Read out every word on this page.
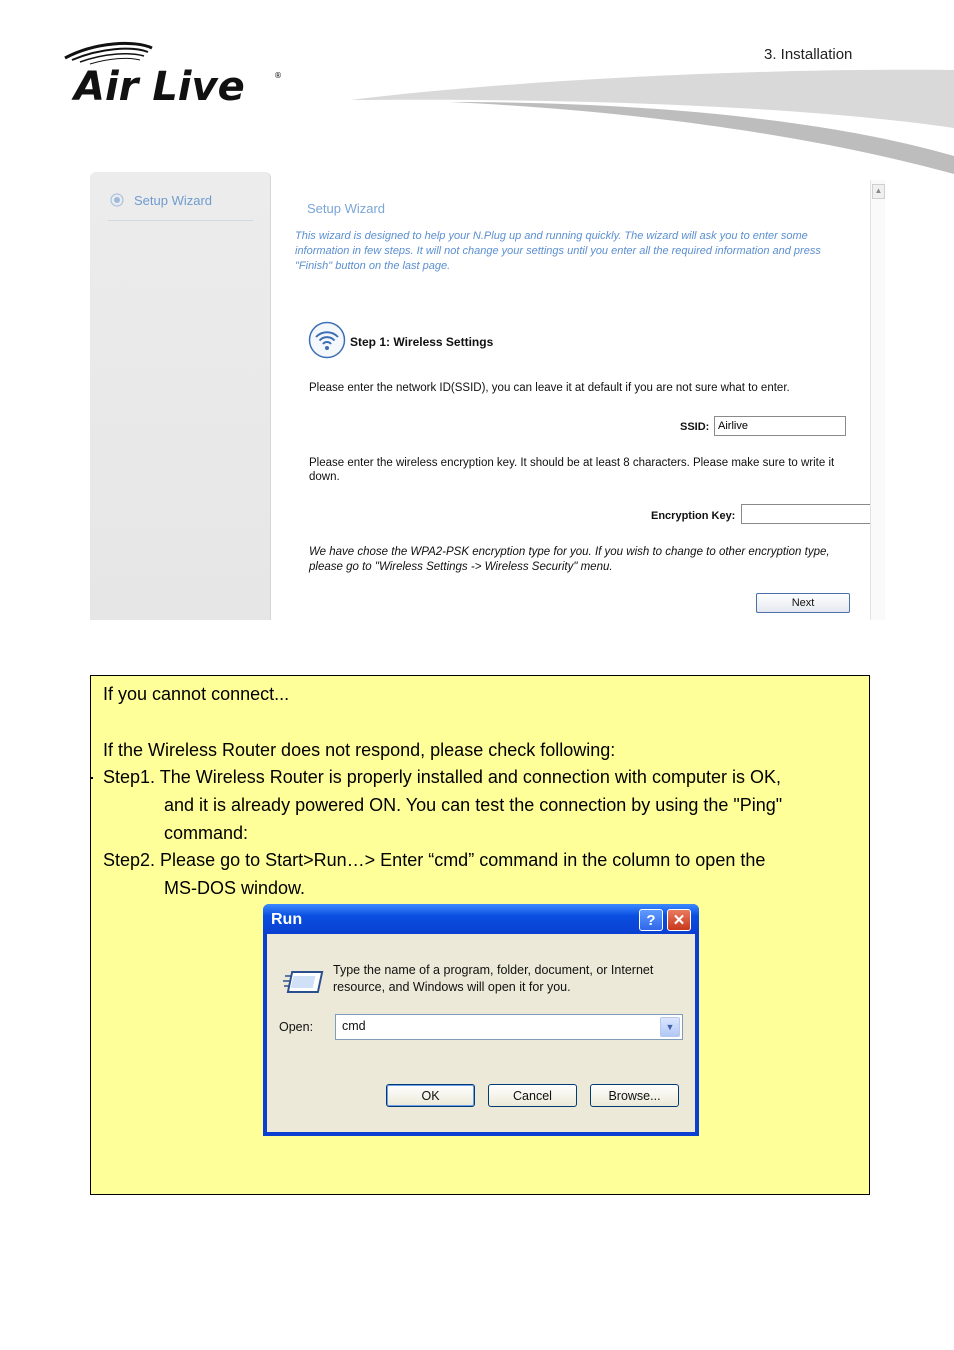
Air Live	®
3. Installation
Setup Wizard
Setup Wizard
This wizard is designed to help your N.Plug up and running quickly. The wizard will ask you to enter some information in few steps. It will not change your settings until you enter all the required information and press "Finish" button on the last page.
Step 1: Wireless Settings
Please enter the network ID(SSID), you can leave it at default if you are not sure what to enter.
SSID:
Airlive
Please enter the wireless encryption key. It should be at least 8 characters. Please make sure to write it down.
Encryption Key:
We have chose the WPA2-PSK encryption type for you. If you wish to change to other encryption type, please go to "Wireless Settings -> Wireless Security" menu.
Next
▲
If you cannot connect...
If the Wireless Router does not respond, please check following:
Step1. The Wireless Router is properly installed and connection with computer is OK,
and it is already powered ON. You can test the connection by using the "Ping"
command:
Step2. Please go to Start>Run…> Enter “cmd” command in the column to open the
MS-DOS window.
Run	?	✕
Type the name of a program, folder, document, or Internet resource, and Windows will open it for you.
Open: cmd	▼
OK	Cancel	Browse...
